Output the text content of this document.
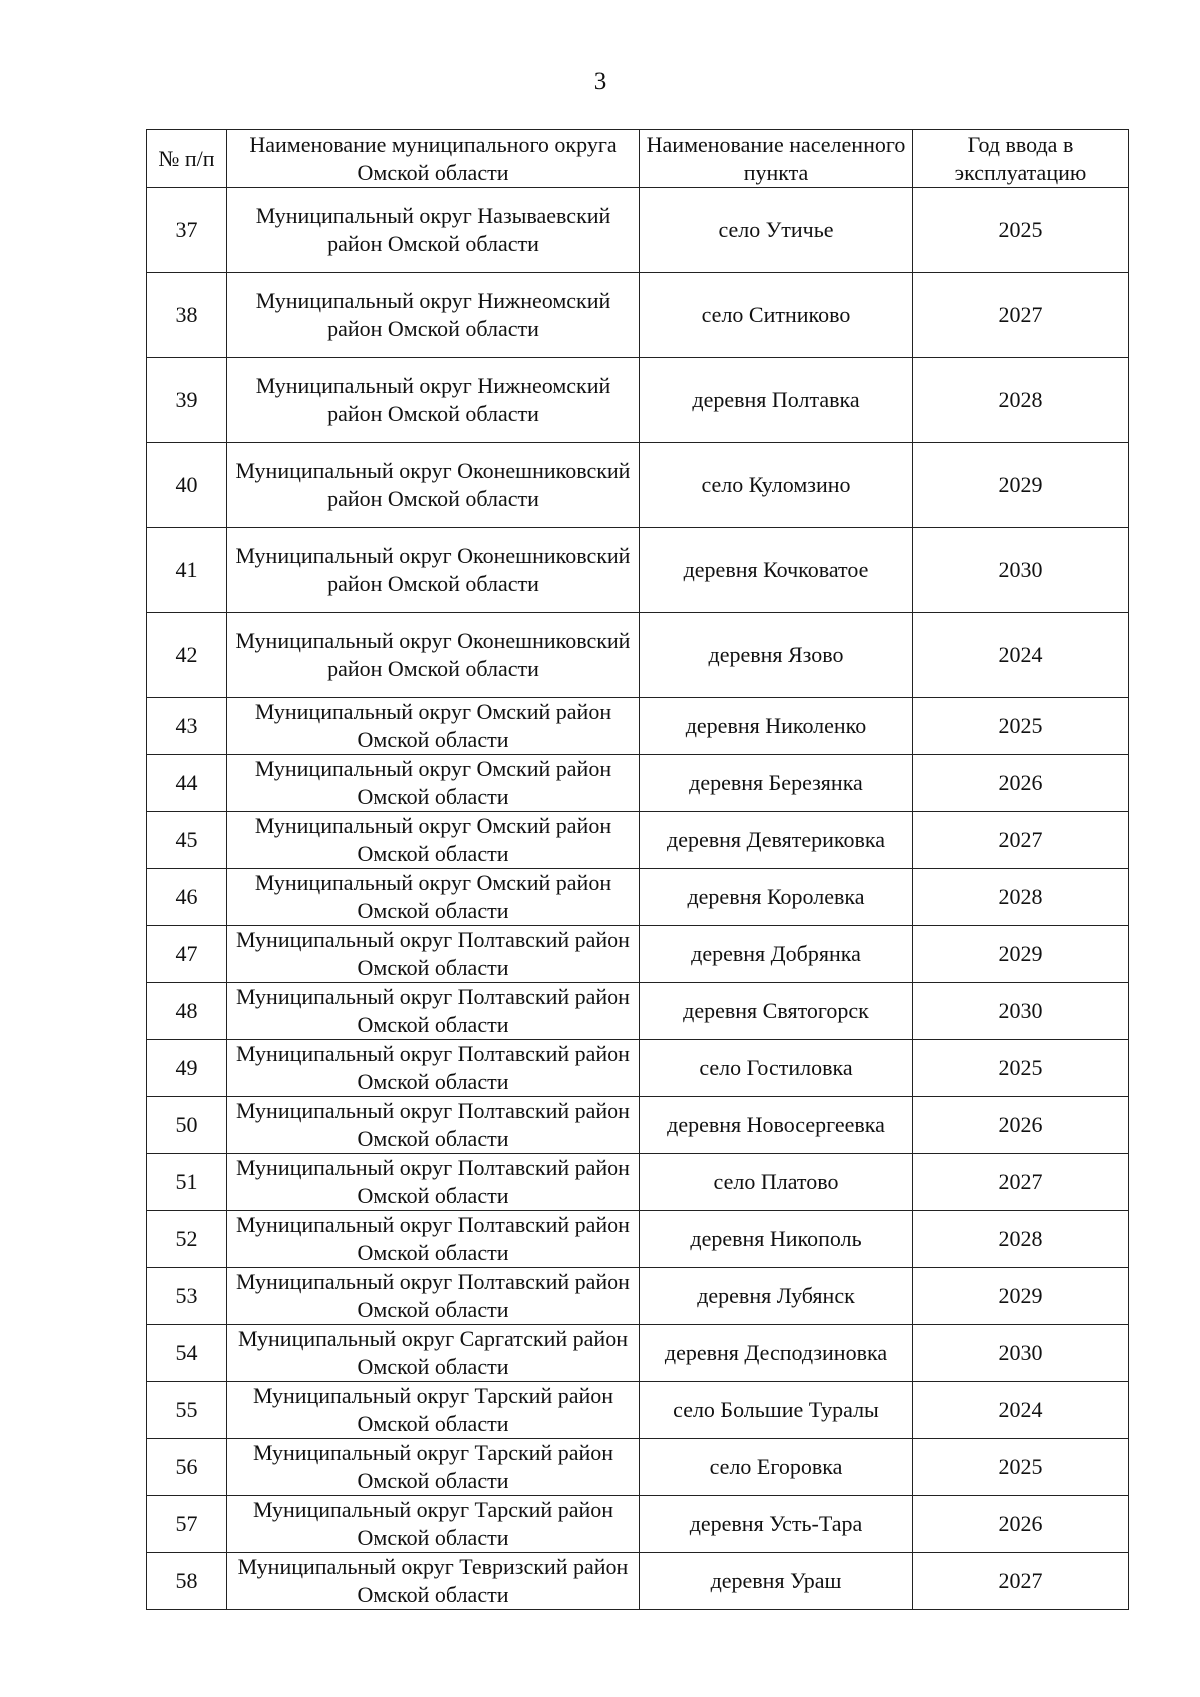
3
№ п/п	Наименование муниципального округа Омской области	Наименование населенного пункта	Год ввода в эксплуатацию
37	Муниципальный округ Называевский район Омской области	село Утичье	2025
38	Муниципальный округ Нижнеомский район Омской области	село Ситниково	2027
39	Муниципальный округ Нижнеомский район Омской области	деревня Полтавка	2028
40	Муниципальный округ Оконешниковский район Омской области	село Куломзино	2029
41	Муниципальный округ Оконешниковский район Омской области	деревня Кочковатое	2030
42	Муниципальный округ Оконешниковский район Омской области	деревня Язово	2024
43	Муниципальный округ Омский район Омской области	деревня Николенко	2025
44	Муниципальный округ Омский район Омской области	деревня Березянка	2026
45	Муниципальный округ Омский район Омской области	деревня Девятериковка	2027
46	Муниципальный округ Омский район Омской области	деревня Королевка	2028
47	Муниципальный округ Полтавский район Омской области	деревня Добрянка	2029
48	Муниципальный округ Полтавский район Омской области	деревня Святогорск	2030
49	Муниципальный округ Полтавский район Омской области	село Гостиловка	2025
50	Муниципальный округ Полтавский район Омской области	деревня Новосергеевка	2026
51	Муниципальный округ Полтавский район Омской области	село Платово	2027
52	Муниципальный округ Полтавский район Омской области	деревня Никополь	2028
53	Муниципальный округ Полтавский район Омской области	деревня Лубянск	2029
54	Муниципальный округ Саргатский район Омской области	деревня Десподзиновка	2030
55	Муниципальный округ Тарский район Омской области	село Большие Туралы	2024
56	Муниципальный округ Тарский район Омской области	село Егоровка	2025
57	Муниципальный округ Тарский район Омской области	деревня Усть-Тара	2026
58	Муниципальный округ Тевризский район Омской области	деревня Ураш	2027
